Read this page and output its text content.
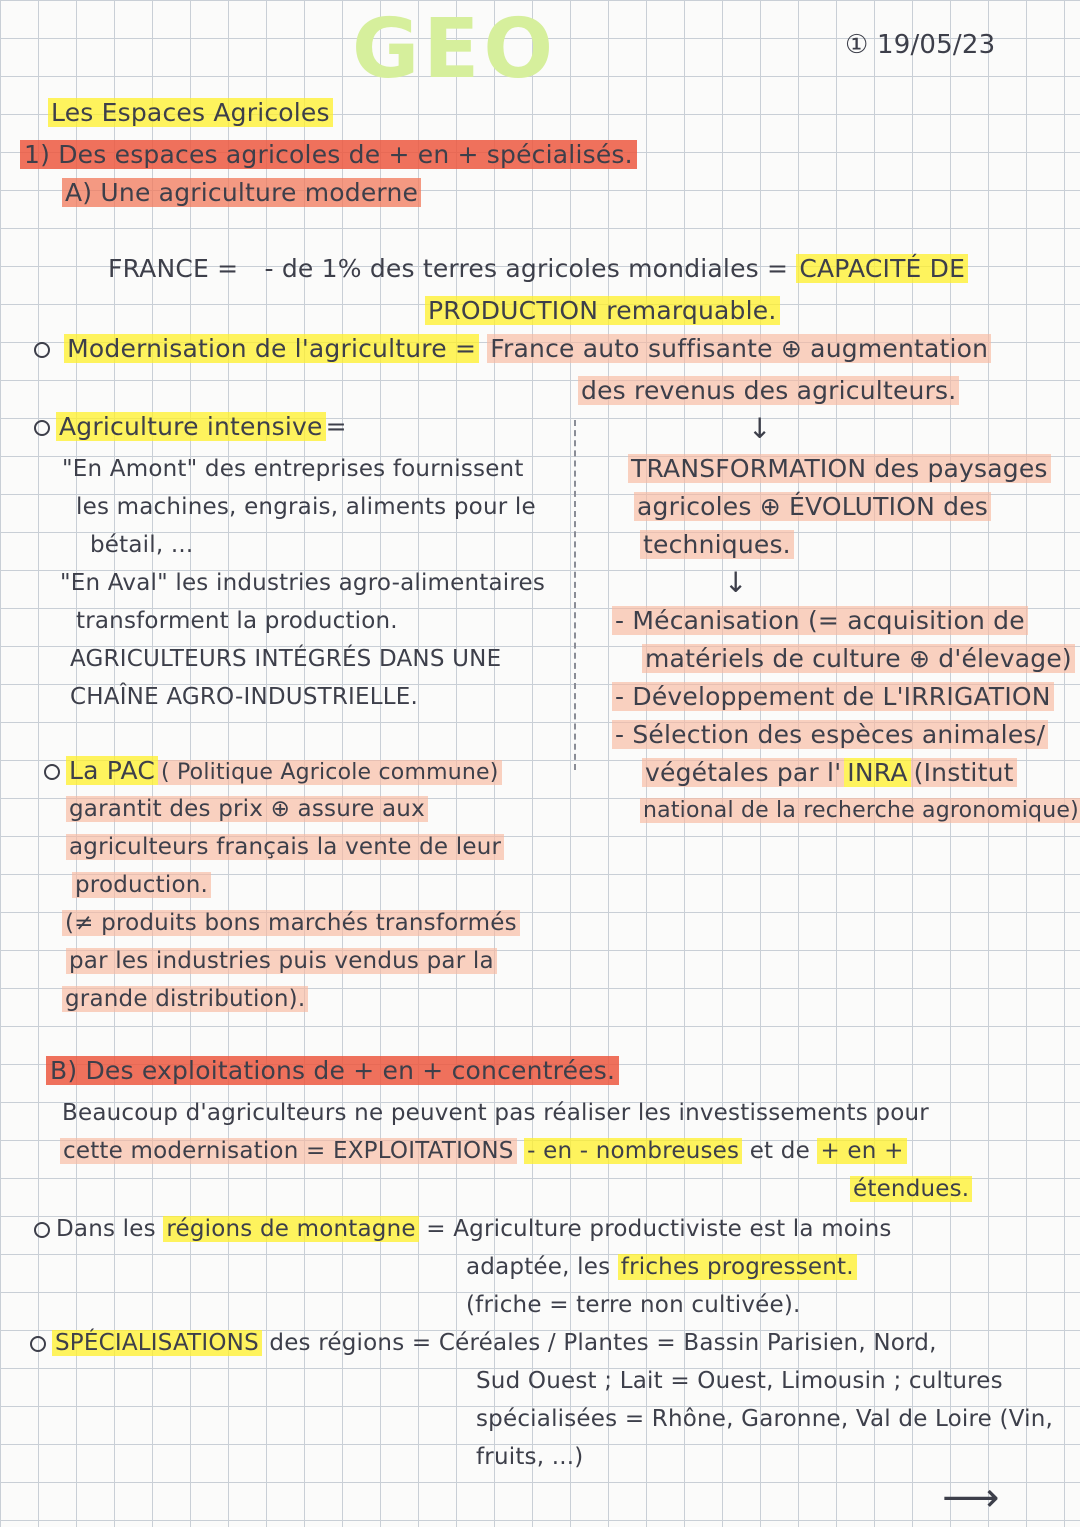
GEO	① 19/05/23
Les Espaces Agricoles
1) Des espaces agricoles de + en + spécialisés.
A) Une agriculture moderne
FRANCE = - de 1% des terres agricoles mondiales = CAPACITÉ DE
PRODUCTION remarquable.
Modernisation de l'agriculture = France auto suffisante ⊕ augmentation
des revenus des agriculteurs.
↓
TRANSFORMATION des paysages
agricoles ⊕ ÉVOLUTION des
techniques.
↓
- Mécanisation (= acquisition de
matériels de culture ⊕ d'élevage)
- Développement de L'IRRIGATION
- Sélection des espèces animales/
végétales par l' INRA (Institut
national de la recherche agronomique)
Agriculture intensive =
"En Amont" des entreprises fournissent
les machines, engrais, aliments pour le
bétail, ...
"En Aval" les industries agro-alimentaires
transforment la production.
AGRICULTEURS INTÉGRÉS DANS UNE
CHAÎNE AGRO-INDUSTRIELLE.
La PAC ( Politique Agricole commune)
garantit des prix ⊕ assure aux
agriculteurs français la vente de leur
production.
(≠ produits bons marchés transformés
par les industries puis vendus par la
grande distribution).
B) Des exploitations de + en + concentrées.
Beaucoup d'agriculteurs ne peuvent pas réaliser les investissements pour
cette modernisation = EXPLOITATIONS - en - nombreuses et de + en +
étendues.
Dans les régions de montagne = Agriculture productiviste est la moins
adaptée, les friches progressent.
(friche = terre non cultivée).
SPÉCIALISATIONS des régions = Céréales / Plantes = Bassin Parisien, Nord,
Sud Ouest ; Lait = Ouest, Limousin ; cultures
spécialisées = Rhône, Garonne, Val de Loire (Vin,
fruits, ...)
⟶
